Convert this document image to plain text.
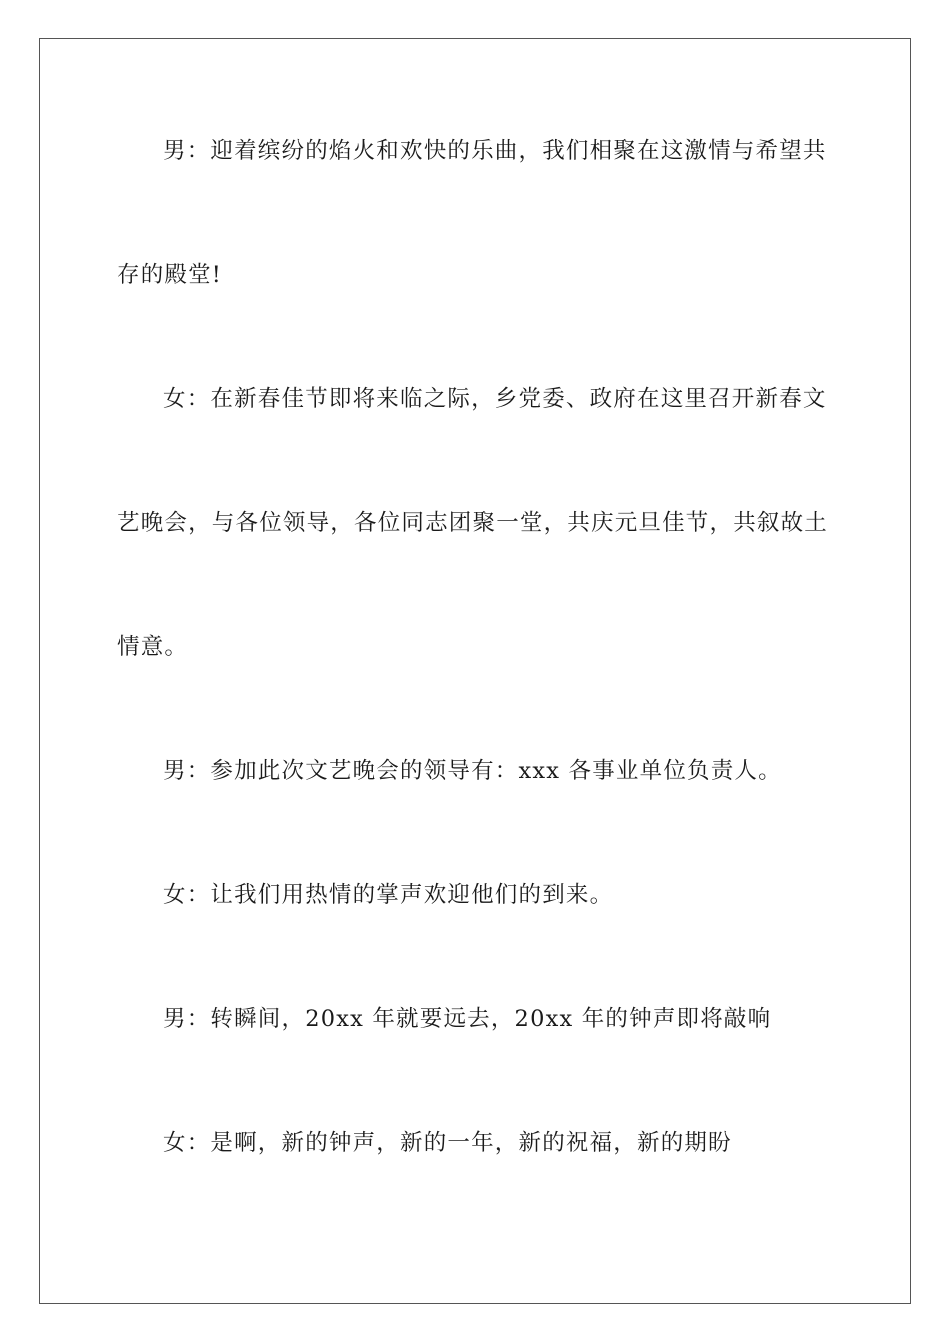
男：迎着缤纷的焰火和欢快的乐曲，我们相聚在这激情与希望共

存的殿堂!

女：在新春佳节即将来临之际，乡党委、政府在这里召开新春文

艺晚会，与各位领导，各位同志团聚一堂，共庆元旦佳节，共叙故土

情意。

男：参加此次文艺晚会的领导有：xxx 各事业单位负责人。

女：让我们用热情的掌声欢迎他们的到来。

男：转瞬间，20xx 年就要远去，20xx 年的钟声即将敲响

女：是啊，新的钟声，新的一年，新的祝福，新的期盼
